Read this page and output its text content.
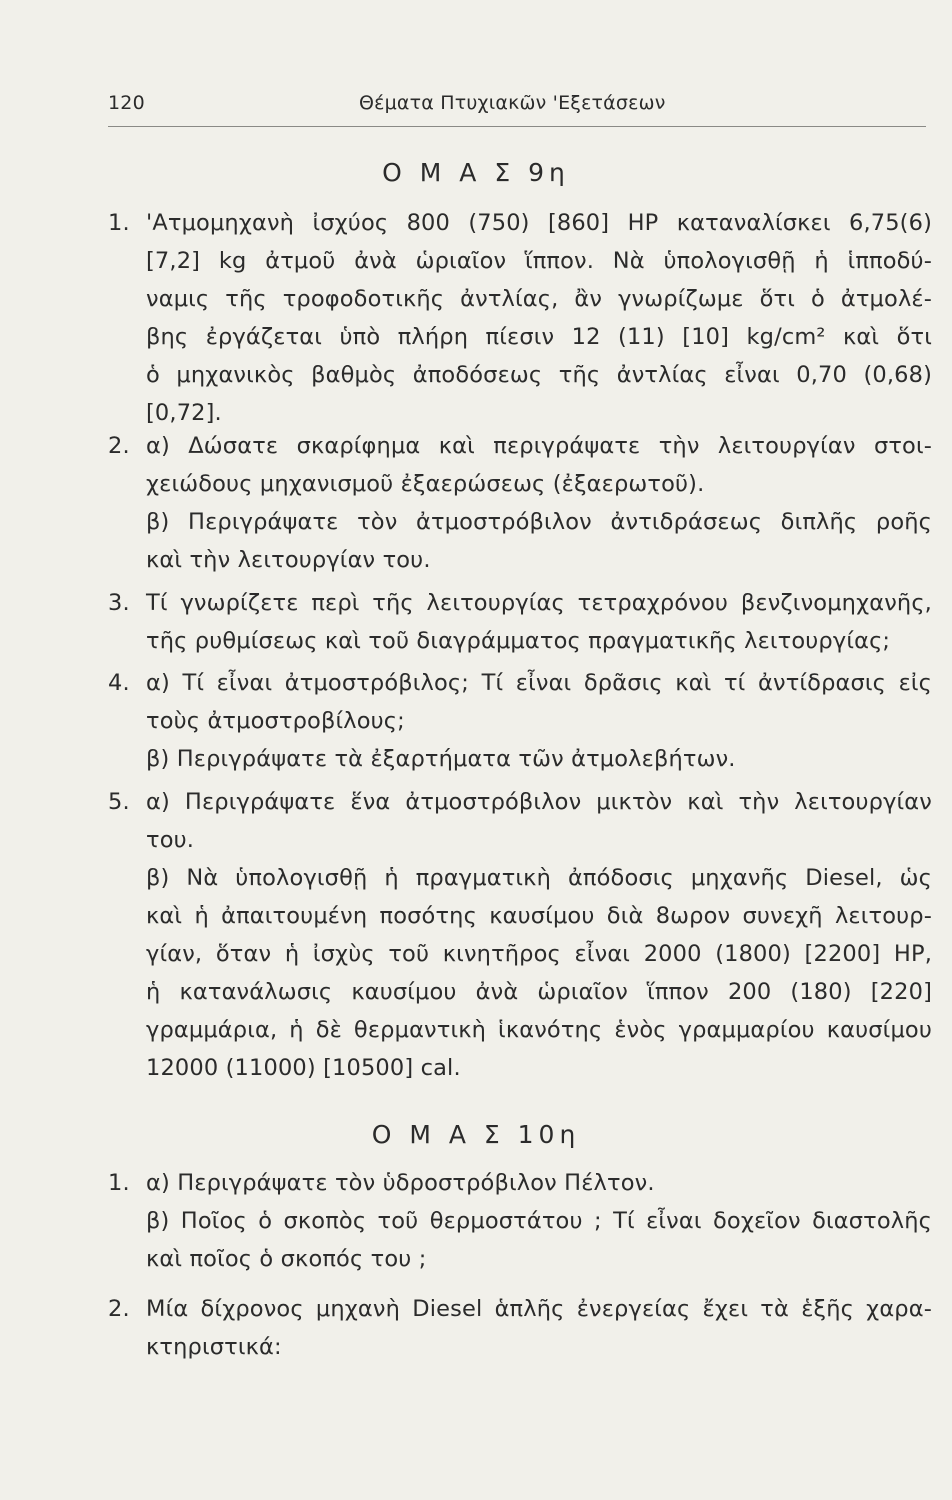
120	Θέματα Πτυχιακῶν 'Εξετάσεων
Ο Μ Α Σ 9η
1. 'Ατμομηχανὴ ἰσχύος 800 (750) [860] HP καταναλίσκει 6,75(6)
[7,2] kg ἀτμοῦ ἀνὰ ὡριαῖον ἵππον. Νὰ ὑπολογισθῇ ἡ ἱπποδύ-
ναμις τῆς τροφοδοτικῆς ἀντλίας, ἂν γνωρίζωμε ὅτι ὁ ἀτμολέ-
βης ἐργάζεται ὑπὸ πλήρη πίεσιν 12 (11) [10] kg/cm² καὶ ὅτι
ὁ μηχανικὸς βαθμὸς ἀποδόσεως τῆς ἀντλίας εἶναι 0,70 (0,68)
[0,72].
2. α) Δώσατε σκαρίφημα καὶ περιγράψατε τὴν λειτουργίαν στοι-
χειώδους μηχανισμοῦ ἐξαερώσεως (ἐξαερωτοῦ).
β) Περιγράψατε τὸν ἀτμοστρόβιλον ἀντιδράσεως διπλῆς ροῆς
καὶ τὴν λειτουργίαν του.
3. Τί γνωρίζετε περὶ τῆς λειτουργίας τετραχρόνου βενζινομηχανῆς,
τῆς ρυθμίσεως καὶ τοῦ διαγράμματος πραγματικῆς λειτουργίας;
4. α) Τί εἶναι ἀτμοστρόβιλος; Τί εἶναι δρᾶσις καὶ τί ἀντίδρασις εἰς
τοὺς ἀτμοστροβίλους;
β) Περιγράψατε τὰ ἐξαρτήματα τῶν ἀτμολεβήτων.
5. α) Περιγράψατε ἕνα ἀτμοστρόβιλον μικτὸν καὶ τὴν λειτουργίαν
του.
β) Νὰ ὑπολογισθῇ ἡ πραγματικὴ ἀπόδοσις μηχανῆς Diesel, ὡς
καὶ ἡ ἀπαιτουμένη ποσότης καυσίμου διὰ 8ωρον συνεχῆ λειτουρ-
γίαν, ὅταν ἡ ἰσχὺς τοῦ κινητῆρος εἶναι 2000 (1800) [2200] HP,
ἡ κατανάλωσις καυσίμου ἀνὰ ὡριαῖον ἵππον 200 (180) [220]
γραμμάρια, ἡ δὲ θερμαντικὴ ἱκανότης ἑνὸς γραμμαρίου καυσίμου
12000 (11000) [10500] cal.
Ο Μ Α Σ 10η
1. α) Περιγράψατε τὸν ὑδροστρόβιλον Πέλτον.
β) Ποῖος ὁ σκοπὸς τοῦ θερμοστάτου ; Τί εἶναι δοχεῖον διαστολῆς
καὶ ποῖος ὁ σκοπός του ;
2. Μία δίχρονος μηχανὴ Diesel ἁπλῆς ἐνεργείας ἔχει τὰ ἑξῆς χαρα-
κτηριστικά:
